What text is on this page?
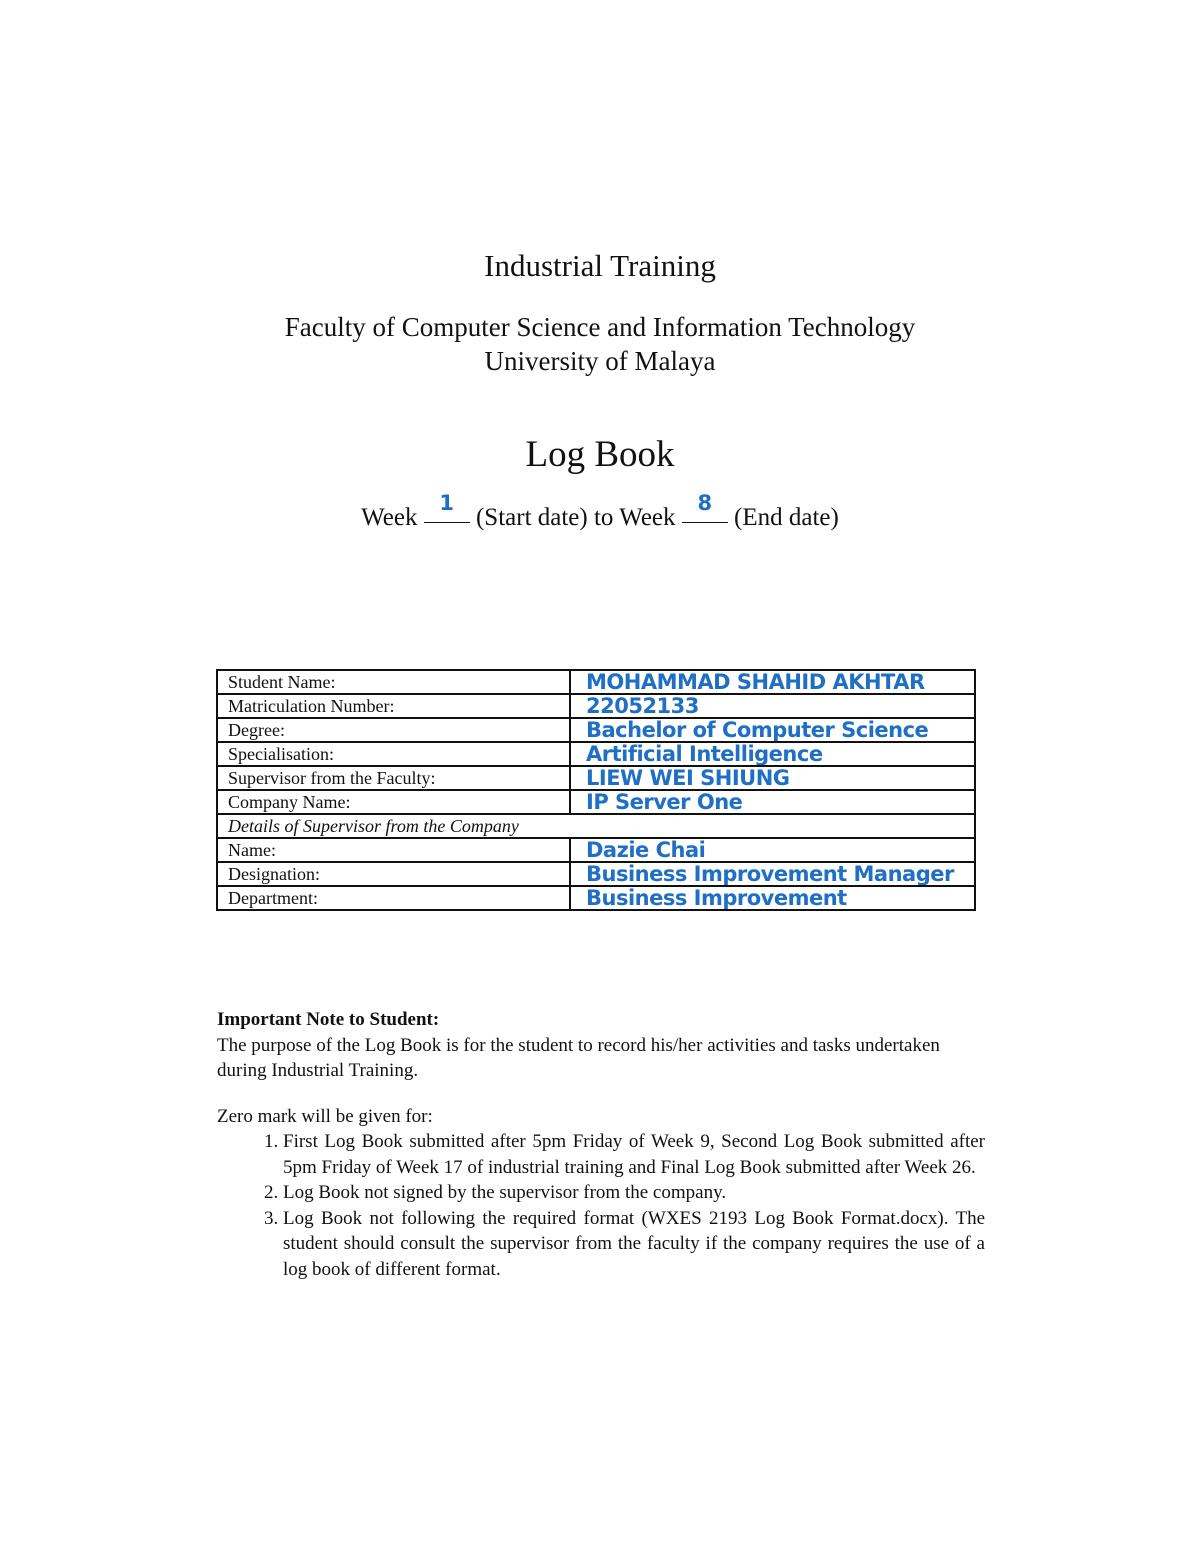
Industrial Training
Faculty of Computer Science and Information Technology
University of Malaya
Log Book
Week
1
(Start date) to Week
8
(End date)
Student Name:	MOHAMMAD SHAHID AKHTAR
Matriculation Number:	22052133
Degree:	Bachelor of Computer Science
Specialisation:	Artificial Intelligence
Supervisor from the Faculty:	LIEW WEI SHIUNG
Company Name:	IP Server One
Details of Supervisor from the Company	
Name:	Dazie Chai
Designation:	Business Improvement Manager
Department:	Business Improvement

Important Note to Student:

The purpose of the Log Book is for the student to record his/her activities and tasks undertaken during Industrial Training.

Zero mark will be given for:

1. First Log Book submitted after 5pm Friday of Week 9, Second Log Book submitted after 5pm Friday of Week 17 of industrial training and Final Log Book submitted after Week 26.
2. Log Book not signed by the supervisor from the company.
3. Log Book not following the required format (WXES 2193 Log Book Format.docx). The student should consult the supervisor from the faculty if the company requires the use of a log book of different format.
